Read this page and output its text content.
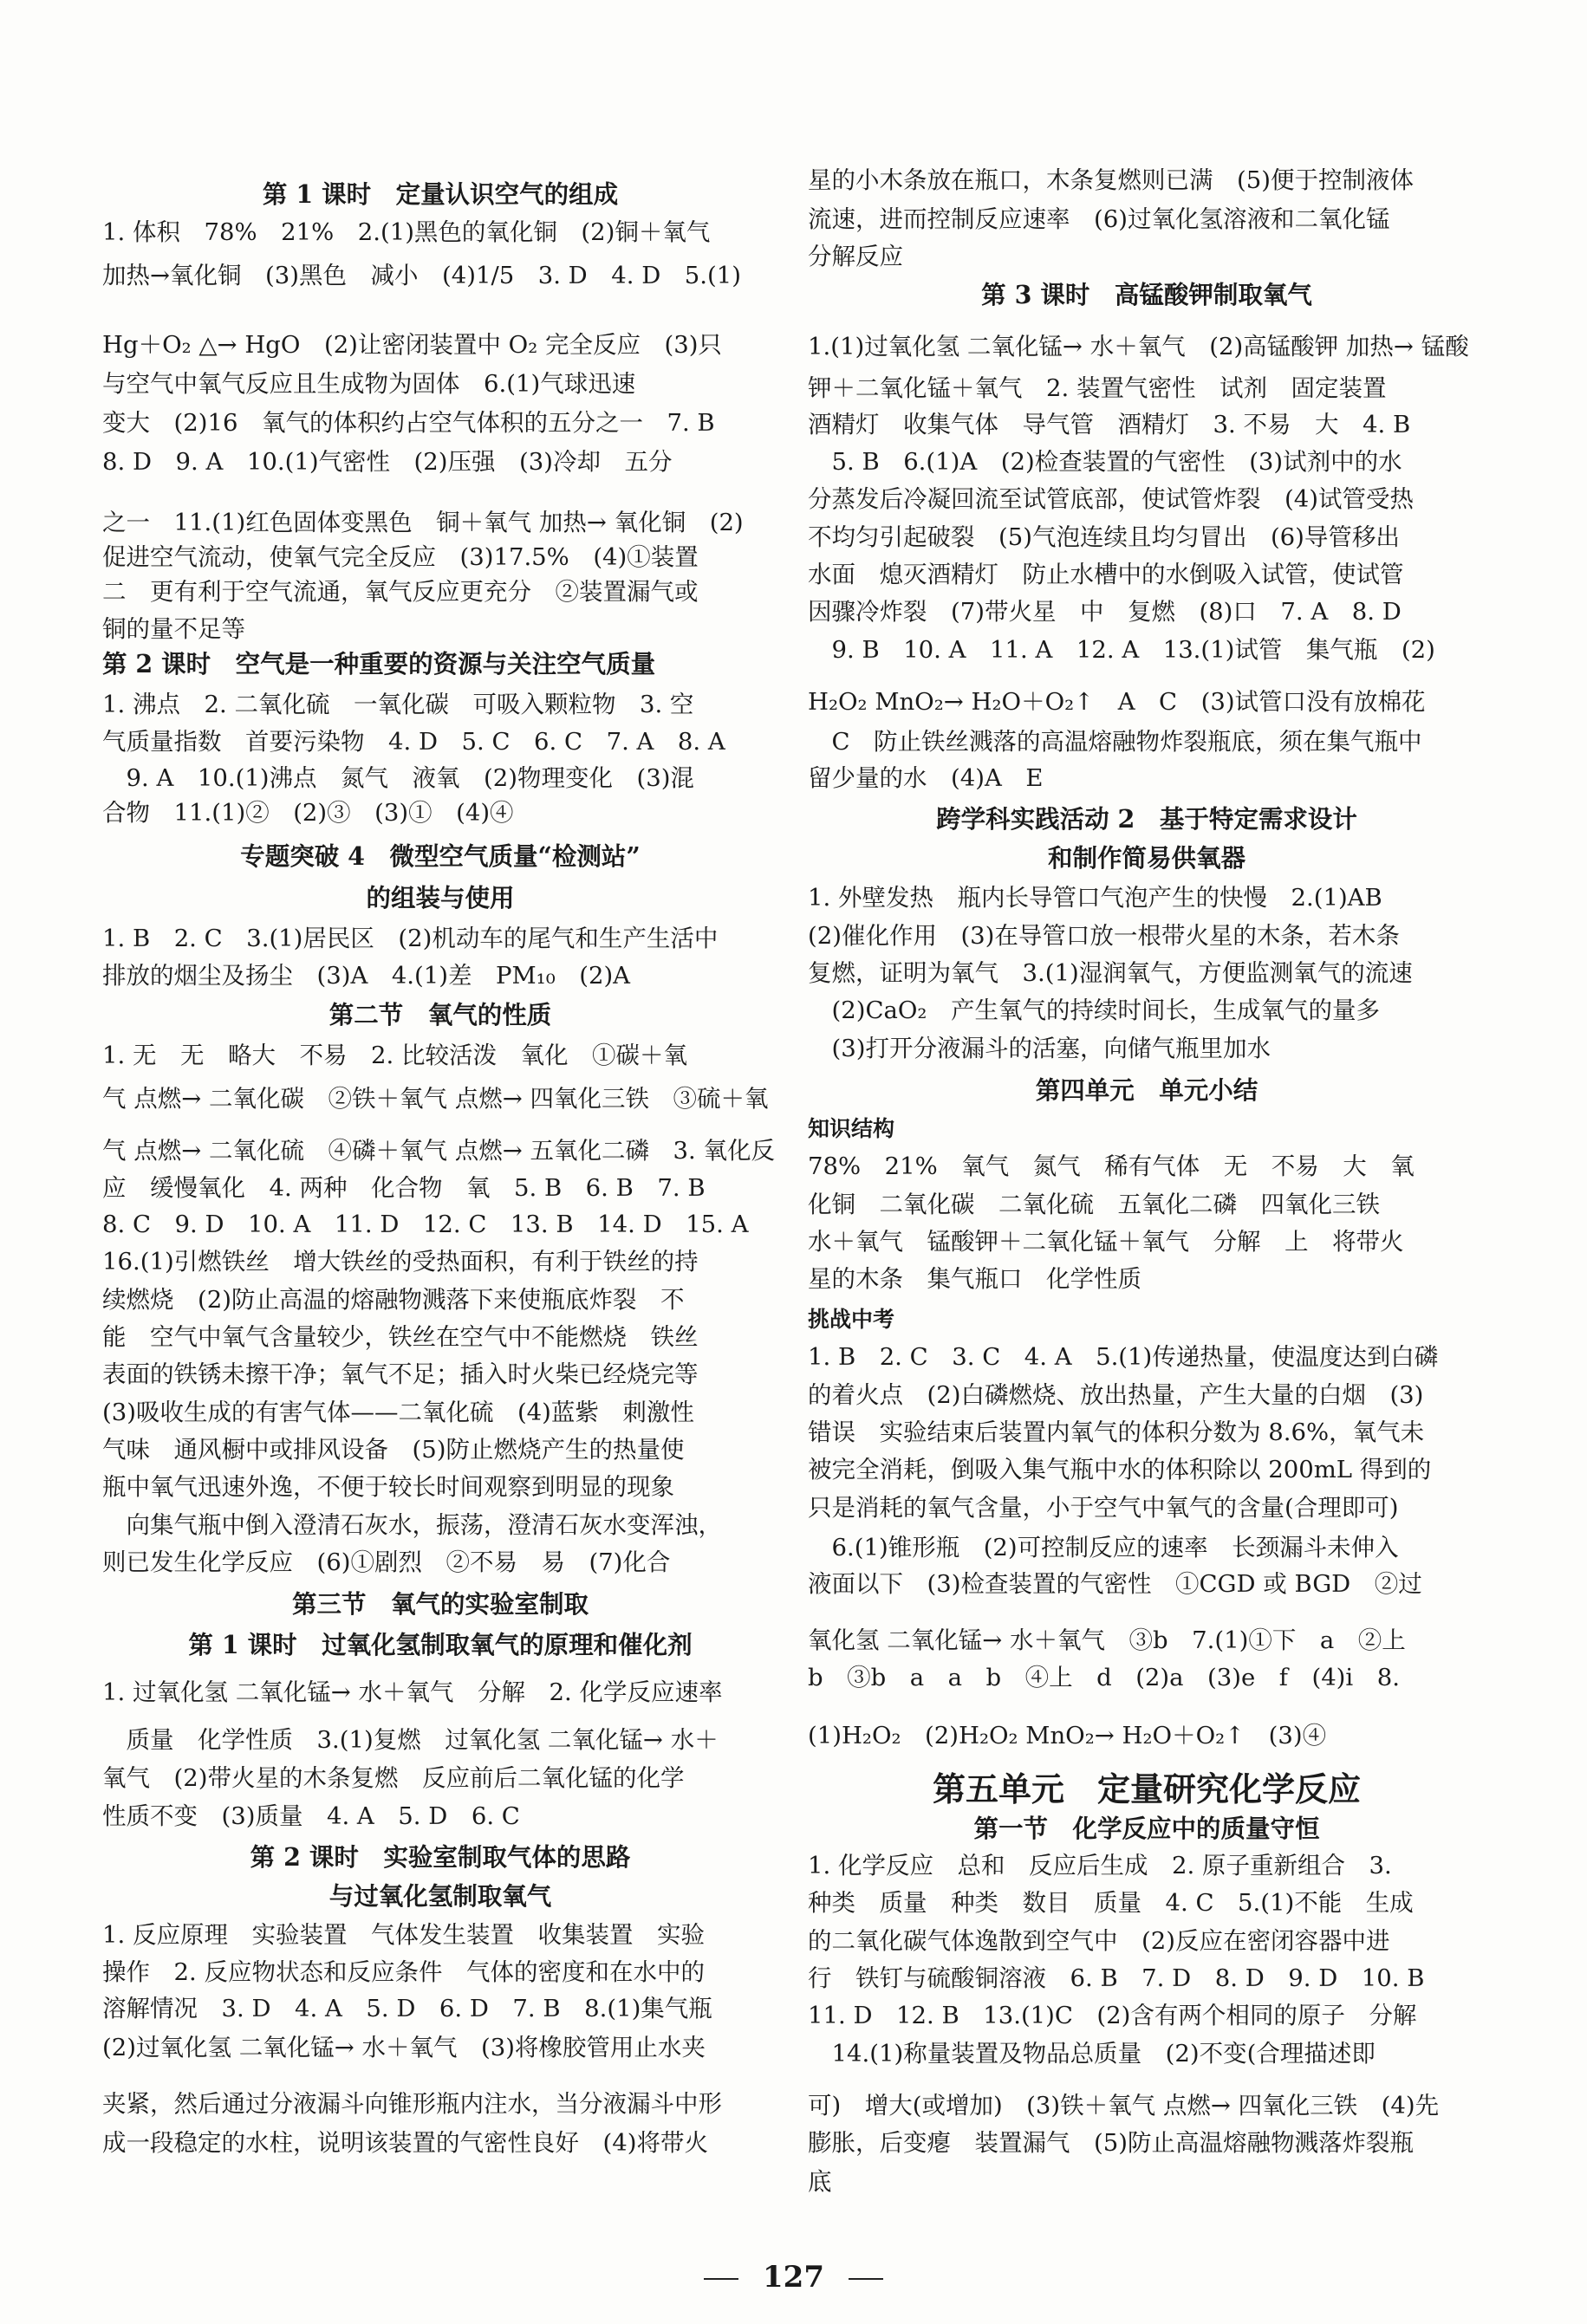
第 1 课时　定量认识空气的组成
1. 体积　78%　21%　2.(1)黑色的氧化铜　(2)铜＋氧气
加热→氧化铜　(3)黑色　减小　(4)1/5　3. D　4. D　5.(1)
Hg＋O₂ △→ HgO　(2)让密闭装置中 O₂ 完全反应　(3)只
与空气中氧气反应且生成物为固体　6.(1)气球迅速
变大　(2)16　氧气的体积约占空气体积的五分之一　7. B
8. D　9. A　10.(1)气密性　(2)压强　(3)冷却　五分
之一　11.(1)红色固体变黑色　铜＋氧气 加热→ 氧化铜　(2)
促进空气流动，使氧气完全反应　(3)17.5%　(4)①装置
二　更有利于空气流通，氧气反应更充分　②装置漏气或
铜的量不足等
第 2 课时　空气是一种重要的资源与关注空气质量
1. 沸点　2. 二氧化硫　一氧化碳　可吸入颗粒物　3. 空
气质量指数　首要污染物　4. D　5. C　6. C　7. A　8. A
　9. A　10.(1)沸点　氮气　液氧　(2)物理变化　(3)混
合物　11.(1)②　(2)③　(3)①　(4)④
专题突破 4　微型空气质量“检测站”
的组装与使用
1. B　2. C　3.(1)居民区　(2)机动车的尾气和生产生活中
排放的烟尘及扬尘　(3)A　4.(1)差　PM₁₀　(2)A
第二节　氧气的性质
1. 无　无　略大　不易　2. 比较活泼　氧化　①碳＋氧
气 点燃→ 二氧化碳　②铁＋氧气 点燃→ 四氧化三铁　③硫＋氧
气 点燃→ 二氧化硫　④磷＋氧气 点燃→ 五氧化二磷　3. 氧化反
应　缓慢氧化　4. 两种　化合物　氧　5. B　6. B　7. B
8. C　9. D　10. A　11. D　12. C　13. B　14. D　15. A
16.(1)引燃铁丝　增大铁丝的受热面积，有利于铁丝的持
续燃烧　(2)防止高温的熔融物溅落下来使瓶底炸裂　不
能　空气中氧气含量较少，铁丝在空气中不能燃烧　铁丝
表面的铁锈未擦干净；氧气不足；插入时火柴已经烧完等
(3)吸收生成的有害气体——二氧化硫　(4)蓝紫　刺激性
气味　通风橱中或排风设备　(5)防止燃烧产生的热量使
瓶中氧气迅速外逸，不便于较长时间观察到明显的现象
　向集气瓶中倒入澄清石灰水，振荡，澄清石灰水变浑浊，
则已发生化学反应　(6)①剧烈　②不易　易　(7)化合
第三节　氧气的实验室制取
第 1 课时　过氧化氢制取氧气的原理和催化剂
1. 过氧化氢 二氧化锰→ 水＋氧气　分解　2. 化学反应速率
　质量　化学性质　3.(1)复燃　过氧化氢 二氧化锰→ 水＋
氧气　(2)带火星的木条复燃　反应前后二氧化锰的化学
性质不变　(3)质量　4. A　5. D　6. C
第 2 课时　实验室制取气体的思路
与过氧化氢制取氧气
1. 反应原理　实验装置　气体发生装置　收集装置　实验
操作　2. 反应物状态和反应条件　气体的密度和在水中的
溶解情况　3. D　4. A　5. D　6. D　7. B　8.(1)集气瓶
(2)过氧化氢 二氧化锰→ 水＋氧气　(3)将橡胶管用止水夹
夹紧，然后通过分液漏斗向锥形瓶内注水，当分液漏斗中形
成一段稳定的水柱，说明该装置的气密性良好　(4)将带火
星的小木条放在瓶口，木条复燃则已满　(5)便于控制液体
流速，进而控制反应速率　(6)过氧化氢溶液和二氧化锰
分解反应
第 3 课时　高锰酸钾制取氧气
1.(1)过氧化氢 二氧化锰→ 水＋氧气　(2)高锰酸钾 加热→ 锰酸
钾＋二氧化锰＋氧气　2. 装置气密性　试剂　固定装置
酒精灯　收集气体　导气管　酒精灯　3. 不易　大　4. B
　5. B　6.(1)A　(2)检查装置的气密性　(3)试剂中的水
分蒸发后冷凝回流至试管底部，使试管炸裂　(4)试管受热
不均匀引起破裂　(5)气泡连续且均匀冒出　(6)导管移出
水面　熄灭酒精灯　防止水槽中的水倒吸入试管，使试管
因骤冷炸裂　(7)带火星　中　复燃　(8)口　7. A　8. D
　9. B　10. A　11. A　12. A　13.(1)试管　集气瓶　(2)
H₂O₂ MnO₂→ H₂O＋O₂↑　A　C　(3)试管口没有放棉花
　C　防止铁丝溅落的高温熔融物炸裂瓶底，须在集气瓶中
留少量的水　(4)A　E
跨学科实践活动 2　基于特定需求设计
和制作简易供氧器
1. 外壁发热　瓶内长导管口气泡产生的快慢　2.(1)AB
(2)催化作用　(3)在导管口放一根带火星的木条，若木条
复燃，证明为氧气　3.(1)湿润氧气，方便监测氧气的流速
　(2)CaO₂　产生氧气的持续时间长，生成氧气的量多
　(3)打开分液漏斗的活塞，向储气瓶里加水
第四单元　单元小结
知识结构
78%　21%　氧气　氮气　稀有气体　无　不易　大　氧
化铜　二氧化碳　二氧化硫　五氧化二磷　四氧化三铁
水＋氧气　锰酸钾＋二氧化锰＋氧气　分解　上　将带火
星的木条　集气瓶口　化学性质
挑战中考
1. B　2. C　3. C　4. A　5.(1)传递热量，使温度达到白磷
的着火点　(2)白磷燃烧、放出热量，产生大量的白烟　(3)
错误　实验结束后装置内氧气的体积分数为 8.6%，氧气未
被完全消耗，倒吸入集气瓶中水的体积除以 200mL 得到的
只是消耗的氧气含量，小于空气中氧气的含量(合理即可)
　6.(1)锥形瓶　(2)可控制反应的速率　长颈漏斗未伸入
液面以下　(3)检查装置的气密性　①CGD 或 BGD　②过
氧化氢 二氧化锰→ 水＋氧气　③b　7.(1)①下　a　②上
b　③b　a　a　b　④上　d　(2)a　(3)e　f　(4)i　8.
(1)H₂O₂　(2)H₂O₂ MnO₂→ H₂O＋O₂↑　(3)④
第五单元　定量研究化学反应
第一节　化学反应中的质量守恒
1. 化学反应　总和　反应后生成　2. 原子重新组合　3.
种类　质量　种类　数目　质量　4. C　5.(1)不能　生成
的二氧化碳气体逸散到空气中　(2)反应在密闭容器中进
行　铁钉与硫酸铜溶液　6. B　7. D　8. D　9. D　10. B
11. D　12. B　13.(1)C　(2)含有两个相同的原子　分解
　14.(1)称量装置及物品总质量　(2)不变(合理描述即
可)　增大(或增加)　(3)铁＋氧气 点燃→ 四氧化三铁　(4)先
膨胀，后变瘪　装置漏气　(5)防止高温熔融物溅落炸裂瓶
底
127
